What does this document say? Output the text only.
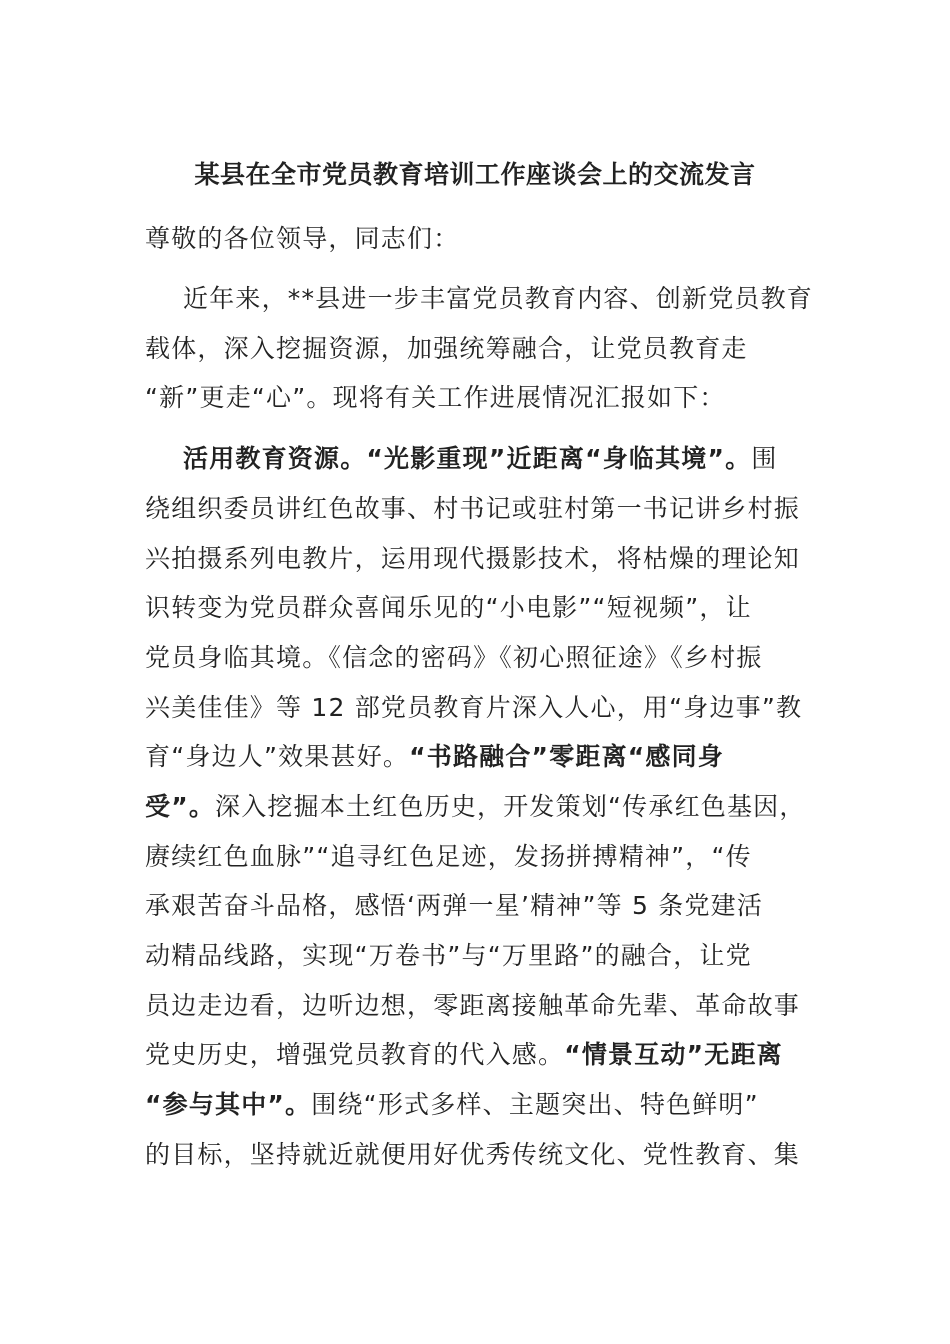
某县在全市党员教育培训工作座谈会上的交流发言
尊敬的各位领导，同志们：
近年来，**县进一步丰富党员教育内容、创新党员教育
载体，深入挖掘资源，加强统筹融合，让党员教育走
“新”更走“心”。现将有关工作进展情况汇报如下：
活用教育资源。“光影重现”近距离“身临其境”。围
绕组织委员讲红色故事、村书记或驻村第一书记讲乡村振
兴拍摄系列电教片，运用现代摄影技术，将枯燥的理论知
识转变为党员群众喜闻乐见的“小电影”“短视频”，让
党员身临其境。《信念的密码》《初心照征途》《乡村振
兴美佳佳》等 12 部党员教育片深入人心，用“身边事”教
育“身边人”效果甚好。“书路融合”零距离“感同身
受”。深入挖掘本土红色历史，开发策划“传承红色基因，
赓续红色血脉”“追寻红色足迹，发扬拼搏精神”，“传
承艰苦奋斗品格，感悟‘两弹一星’精神”等 5 条党建活
动精品线路，实现“万卷书”与“万里路”的融合，让党
员边走边看，边听边想，零距离接触革命先辈、革命故事
党史历史，增强党员教育的代入感。“情景互动”无距离
“参与其中”。围绕“形式多样、主题突出、特色鲜明”
的目标，坚持就近就便用好优秀传统文化、党性教育、集
